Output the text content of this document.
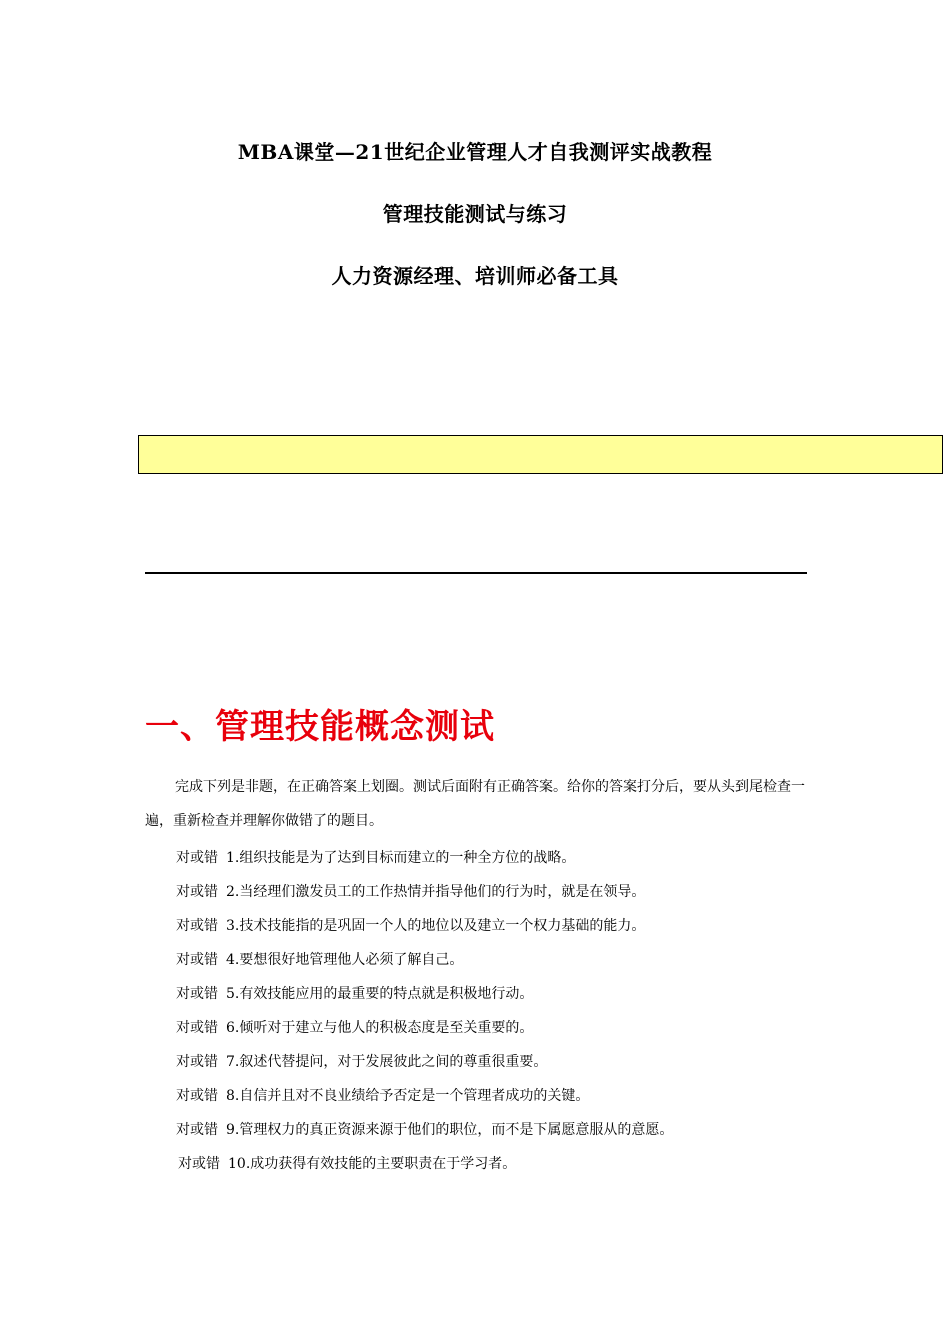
MBA课堂—21世纪企业管理人才自我测评实战教程
管理技能测试与练习
人力资源经理、培训师必备工具
一、管理技能概念测试
完成下列是非题，在正确答案上划圈。测试后面附有正确答案。给你的答案打分后，要从头到尾检查一遍，重新检查并理解你做错了的题目。
对或错 1.组织技能是为了达到目标而建立的一种全方位的战略。
对或错 2.当经理们激发员工的工作热情并指导他们的行为时，就是在领导。
对或错 3.技术技能指的是巩固一个人的地位以及建立一个权力基础的能力。
对或错 4.要想很好地管理他人必须了解自己。
对或错 5.有效技能应用的最重要的特点就是积极地行动。
对或错 6.倾听对于建立与他人的积极态度是至关重要的。
对或错 7.叙述代替提问，对于发展彼此之间的尊重很重要。
对或错 8.自信并且对不良业绩给予否定是一个管理者成功的关键。
对或错 9.管理权力的真正资源来源于他们的职位，而不是下属愿意服从的意愿。
对或错 10.成功获得有效技能的主要职责在于学习者。
